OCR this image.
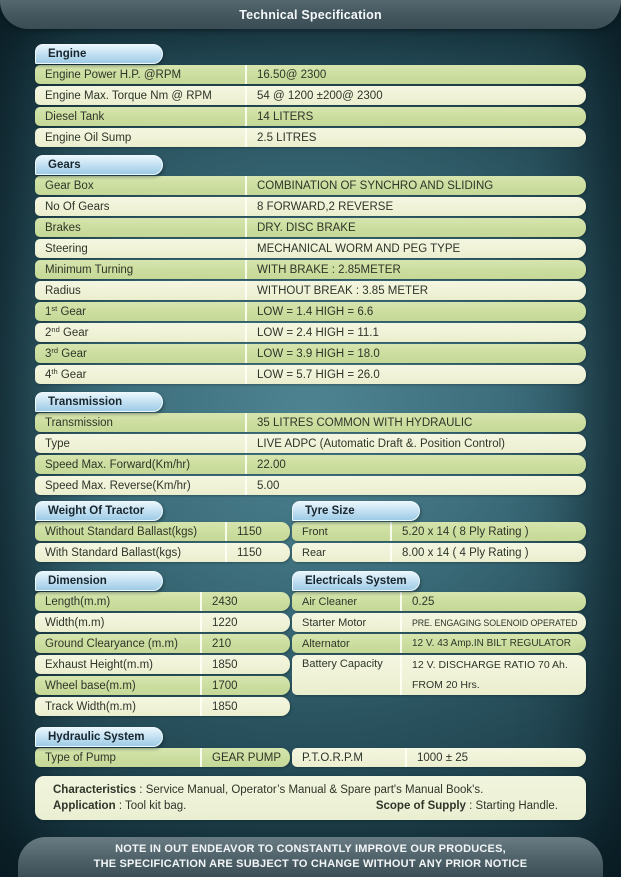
Technical Specification
Engine
Engine Power H.P. @RPM	16.50@ 2300
Engine Max. Torque Nm @ RPM	54 @ 1200 ±200@ 2300
Diesel Tank	14 LITERS
Engine Oil Sump	2.5 LITRES
Gears
Gear Box	COMBINATION OF SYNCHRO AND SLIDING
No Of Gears	8 FORWARD,2 REVERSE
Brakes	DRY. DISC BRAKE
Steering	MECHANICAL WORM AND PEG TYPE
Minimum Turning	WITH BRAKE : 2.85METER
Radius	WITHOUT BREAK : 3.85 METER
1st Gear	LOW = 1.4 HIGH = 6.6
2nd Gear	LOW = 2.4 HIGH = 11.1
3rd Gear	LOW = 3.9 HIGH = 18.0
4th Gear	LOW = 5.7 HIGH = 26.0
Transmission
Transmission	35 LITRES COMMON WITH HYDRAULIC
Type	LIVE ADPC (Automatic Draft &. Position Control)
Speed Max. Forward(Km/hr)	22.00
Speed Max. Reverse(Km/hr)	5.00
Weight Of Tractor
Without Standard Ballast(kgs)	1150
With Standard Ballast(kgs)	1150
Tyre Size
Front	5.20 x 14 ( 8 Ply Rating )
Rear	8.00 x 14 ( 4 Ply Rating )
Dimension
Length(m.m)	2430
Width(m.m)	1220
Ground Clearyance (m.m)	210
Exhaust Height(m.m)	1850
Wheel base(m.m)	1700
Track Width(m.m)	1850
Electricals System
Air Cleaner	0.25
Starter Motor	PRE. ENGAGING SOLENOID OPERATED
Alternator	12 V. 43 Amp.IN BILT REGULATOR
Battery Capacity	12 V. DISCHARGE RATIO 70 Ah.
FROM 20 Hrs.
Hydraulic System
Type of Pump	GEAR PUMP	P.T.O.R.P.M	1000 ± 25
Characteristics : Service Manual, Operator’s Manual & Spare part's Manual Book's.
Application : Tool kit bag.	Scope of Supply : Starting Handle.
NOTE IN OUT ENDEAVOR TO CONSTANTLY IMPROVE OUR PRODUCES,
THE SPECIFICATION ARE SUBJECT TO CHANGE WITHOUT ANY PRIOR NOTICE
